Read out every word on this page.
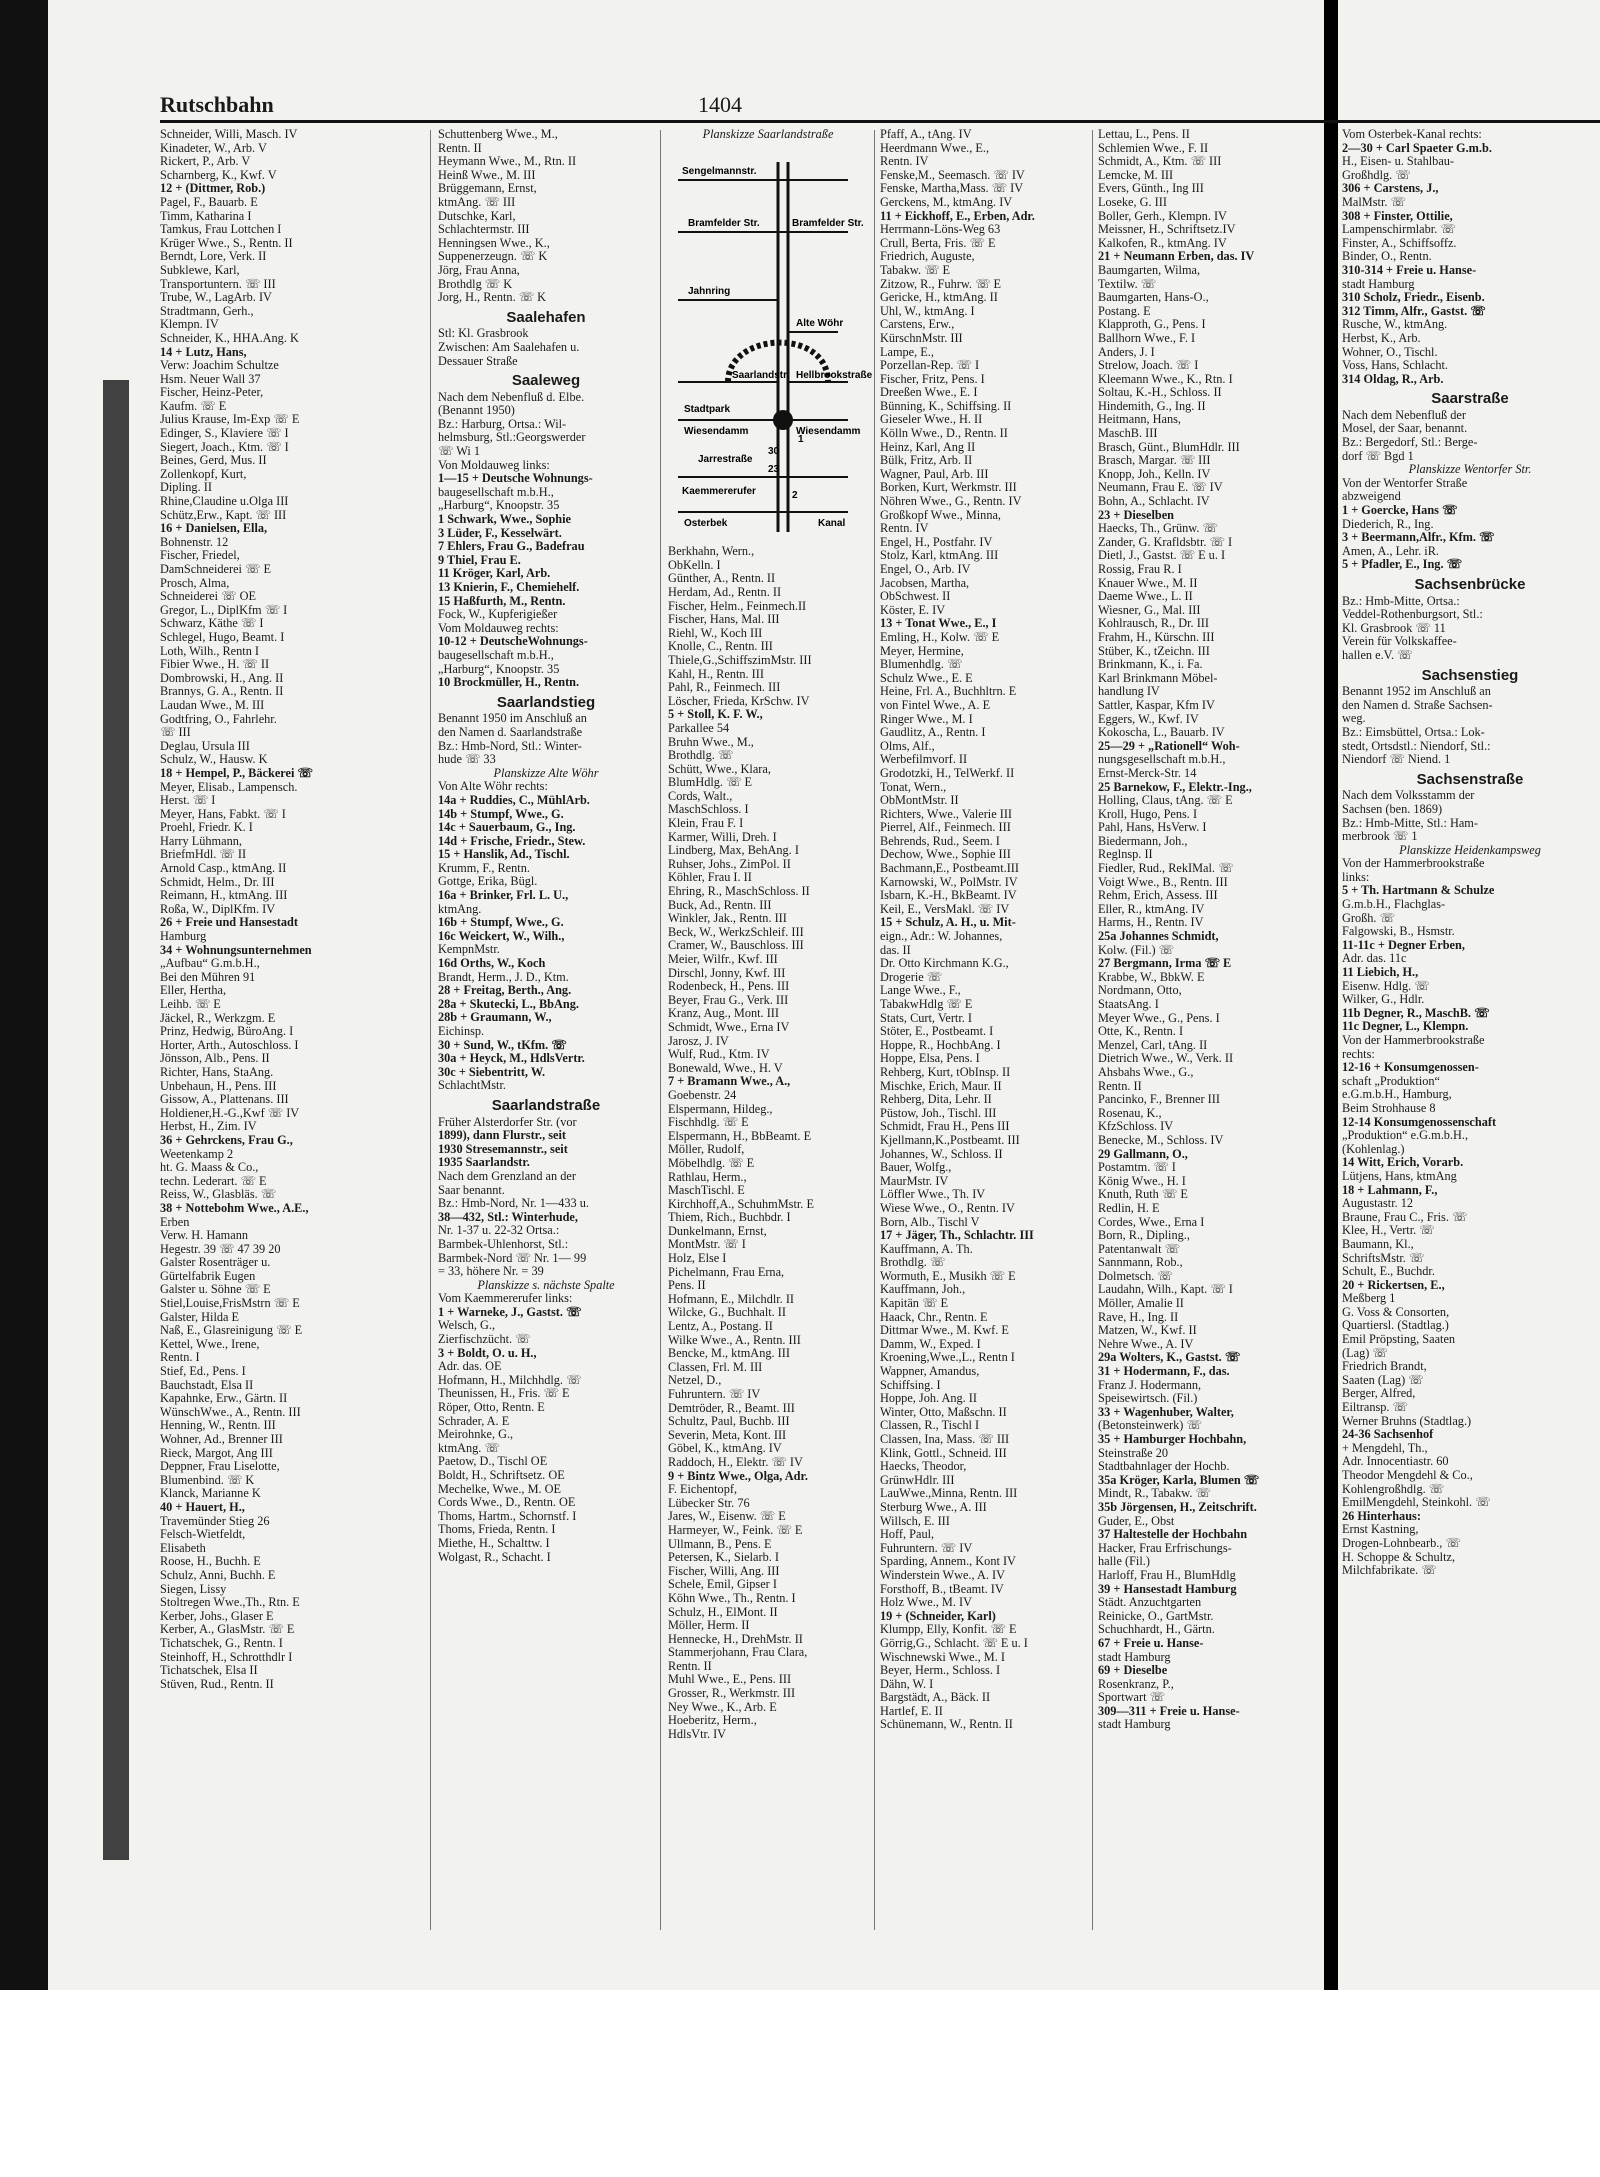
Rutschbahn	1404
Schneider, Willi, Masch. IV
Kinadeter, W., Arb. V
Rickert, P., Arb. V
Scharnberg, K., Kwf. V
12 + (Dittmer, Rob.)
Pagel, F., Bauarb. E
Timm, Katharina I
Tamkus, Frau Lottchen I
Krüger Wwe., S., Rentn. II
Berndt, Lore, Verk. II
Subklewe, Karl,
Transportuntern. ☏ III
Trube, W., LagArb. IV
Stradtmann, Gerh.,
Klempn. IV
Schneider, K., HHA.Ang. K
14 + Lutz, Hans,
Verw: Joachim Schultze
Hsm. Neuer Wall 37
Fischer, Heinz-Peter,
Kaufm. ☏ E
Julius Krause, Im-Exp ☏ E
Edinger, S., Klaviere ☏ I
Siegert, Joach., Ktm. ☏ I
Beines, Gerd, Mus. II
Zollenkopf, Kurt,
Dipling. II
Rhine,Claudine u.Olga III
Schütz,Erw., Kapt. ☏ III
16 + Danielsen, Ella,
Bohnenstr. 12
Fischer, Friedel,
DamSchneiderei ☏ E
Prosch, Alma,
Schneiderei ☏ OE
Gregor, L., DiplKfm ☏ I
Schwarz, Käthe ☏ I
Schlegel, Hugo, Beamt. I
Loth, Wilh., Rentn I
Fibier Wwe., H. ☏ II
Dombrowski, H., Ang. II
Brannys, G. A., Rentn. II
Laudan Wwe., M. III
Godtfring, O., Fahrlehr.
☏ III
Deglau, Ursula III
Schulz, W., Hausw. K
18 + Hempel, P., Bäckerei ☏
Meyer, Elisab., Lampensch.
Herst. ☏ I
Meyer, Hans, Fabkt. ☏ I
Proehl, Friedr. K. I
Harry Lühmann,
BriefmHdl. ☏ II
Arnold Casp., ktmAng. II
Schmidt, Helm., Dr. III
Reimann, H., ktmAng. III
Roßa, W., DiplKfm. IV
26 + Freie und Hansestadt
Hamburg
34 + Wohnungsunternehmen
„Aufbau“ G.m.b.H.,
Bei den Mühren 91
Eller, Hertha,
Leihb. ☏ E
Jäckel, R., Werkzgm. E
Prinz, Hedwig, BüroAng. I
Horter, Arth., Autoschloss. I
Jönsson, Alb., Pens. II
Richter, Hans, StaAng.
Unbehaun, H., Pens. III
Gissow, A., Plattenans. III
Holdiener,H.-G.,Kwf ☏ IV
Herbst, H., Zim. IV
36 + Gehrckens, Frau G.,
Weetenkamp 2
ht. G. Maass & Co.,
techn. Lederart. ☏ E
Reiss, W., Glasbläs. ☏
38 + Nottebohm Wwe., A.E.,
Erben
Verw. H. Hamann
Hegestr. 39 ☏ 47 39 20
Galster Rosenträger u.
Gürtelfabrik Eugen
Galster u. Söhne ☏ E
Stiel,Louise,FrisMstrn ☏ E
Galster, Hilda E
Naß, E., Glasreinigung ☏ E
Kettel, Wwe., Irene,
Rentn. I
Stief, Ed., Pens. I
Bauchstadt, Elsa II
Kapahnke, Erw., Gärtn. II
WünschWwe., A., Rentn. III
Henning, W., Rentn. III
Wohner, Ad., Brenner III
Rieck, Margot, Ang III
Deppner, Frau Liselotte,
Blumenbind. ☏ K
Klanck, Marianne K
40 + Hauert, H.,
Travemünder Stieg 26
Felsch-Wietfeldt,
Elisabeth
Roose, H., Buchh. E
Schulz, Anni, Buchh. E
Siegen, Lissy
Stoltregen Wwe.,Th., Rtn. E
Kerber, Johs., Glaser E
Kerber, A., GlasMstr. ☏ E
Tichatschek, G., Rentn. I
Steinhoff, H., Schrotthdlr I
Tichatschek, Elsa II
Stüven, Rud., Rentn. II
Schuttenberg Wwe., M.,
Rentn. II
Heymann Wwe., M., Rtn. II
Heinß Wwe., M. III
Brüggemann, Ernst,
ktmAng. ☏ III
Dutschke, Karl,
Schlachtermstr. III
Henningsen Wwe., K.,
Suppenerzeugn. ☏ K
Jörg, Frau Anna,
Brothdlg ☏ K
Jorg, H., Rentn. ☏ K
Saalehafen
Stl: Kl. Grasbrook
Zwischen: Am Saalehafen u.
Dessauer Straße
Saaleweg
Nach dem Nebenfluß d. Elbe.
(Benannt 1950)
Bz.: Harburg, Ortsa.: Wil-
helmsburg, Stl.:Georgswerder
☏ Wi 1
Von Moldauweg links:
1—15 + Deutsche Wohnungs-
baugesellschaft m.b.H.,
„Harburg“, Knoopstr. 35
1 Schwark, Wwe., Sophie
3 Lüder, F., Kesselwärt.
7 Ehlers, Frau G., Badefrau
9 Thiel, Frau E.
11 Kröger, Karl, Arb.
13 Knierin, F., Chemiehelf.
15 Haßfurth, M., Rentn.
Fock, W., Kupferigießer
Vom Moldauweg rechts:
10-12 + DeutscheWohnungs-
baugesellschaft m.b.H.,
„Harburg“, Knoopstr. 35
10 Brockmüller, H., Rentn.
Saarlandstieg
Benannt 1950 im Anschluß an
den Namen d. Saarlandstraße
Bz.: Hmb-Nord, Stl.: Winter-
hude ☏ 33
Planskizze Alte Wöhr
Von Alte Wöhr rechts:
14a + Ruddies, C., MühlArb.
14b + Stumpf, Wwe., G.
14c + Sauerbaum, G., Ing.
14d + Frische, Friedr., Stew.
15 + Hanslik, Ad., Tischl.
Krumm, F., Rentn.
Gottge, Erika, Bügl.
16a + Brinker, Frl. L. U.,
ktmAng.
16b + Stumpf, Wwe., G.
16c Weickert, W., Wilh.,
KempnMstr.
16d Orths, W., Koch
Brandt, Herm., J. D., Ktm.
28 + Freitag, Berth., Ang.
28a + Skutecki, L., BbAng.
28b + Graumann, W.,
Eichinsp.
30 + Sund, W., tKfm. ☏
30a + Heyck, M., HdlsVertr.
30c + Siebentritt, W.
SchlachtMstr.
Saarlandstraße
Früher Alsterdorfer Str. (vor
1899), dann Flurstr., seit
1930 Stresemannstr., seit
1935 Saarlandstr.
Nach dem Grenzland an der
Saar benannt.
Bz.: Hmb-Nord, Nr. 1—433 u.
38—432, Stl.: Winterhude,
Nr. 1-37 u. 22-32 Ortsa.:
Barmbek-Uhlenhorst, Stl.:
Barmbek-Nord ☏ Nr. 1— 99
= 33, höhere Nr. = 39
Planskizze s. nächste Spalte
Vom Kaemmererufer links:
1 + Warneke, J., Gastst. ☏
Welsch, G.,
Zierfischzücht. ☏
3 + Boldt, O. u. H.,
Adr. das. OE
Hofmann, H., Milchhdlg. ☏
Theunissen, H., Fris. ☏ E
Röper, Otto, Rentn. E
Schrader, A. E
Meirohnke, G.,
ktmAng. ☏
Paetow, D., Tischl OE
Boldt, H., Schriftsetz. OE
Mechelke, Wwe., M. OE
Cords Wwe., D., Rentn. OE
Thoms, Hartm., Schornstf. I
Thoms, Frieda, Rentn. I
Miethe, H., Schalttw. I
Wolgast, R., Schacht. I
Planskizze Saarlandstraße
Sengelmannstr.
Bramfelder Str.	Bramfelder Str.
Jahnring
Alte Wöhr
Saarlandstr. Hellbrookstraße
Stadtpark
Wiesendamm	Wiesendamm
Jarrestraße
Kaemmererufer
Osterbek	Kanal
1
23
30
2
Berkhahn, Wern.,
ObKelln. I
Günther, A., Rentn. II
Herdam, Ad., Rentn. II
Fischer, Helm., Feinmech.II
Fischer, Hans, Mal. III
Riehl, W., Koch III
Knolle, C., Rentn. III
Thiele,G.,SchiffszimMstr. III
Kahl, H., Rentn. III
Pahl, R., Feinmech. III
Löscher, Frieda, KrSchw. IV
5 + Stoll, K. F. W.,
Parkallee 54
Bruhn Wwe., M.,
Brothdlg. ☏
Schütt, Wwe., Klara,
BlumHdlg. ☏ E
Cords, Walt.,
MaschSchloss. I
Klein, Frau F. I
Karmer, Willi, Dreh. I
Lindberg, Max, BehAng. I
Ruhser, Johs., ZimPol. II
Köhler, Frau I. II
Ehring, R., MaschSchloss. II
Buck, Ad., Rentn. III
Winkler, Jak., Rentn. III
Beck, W., WerkzSchleif. III
Cramer, W., Bauschloss. III
Meier, Wilfr., Kwf. III
Dirschl, Jonny, Kwf. III
Rodenbeck, H., Pens. III
Beyer, Frau G., Verk. III
Kranz, Aug., Mont. III
Schmidt, Wwe., Erna IV
Jarosz, J. IV
Wulf, Rud., Ktm. IV
Bonewald, Wwe., H. V
7 + Bramann Wwe., A.,
Goebenstr. 24
Elspermann, Hildeg.,
Fischhdlg. ☏ E
Elspermann, H., BbBeamt. E
Möller, Rudolf,
Möbelhdlg. ☏ E
Rathlau, Herm.,
MaschTischl. E
Kirchhoff,A., SchuhmMstr. E
Thiem, Rich., Buchbdr. I
Dunkelmann, Ernst,
MontMstr. ☏ I
Holz, Else I
Pichelmann, Frau Erna,
Pens. II
Hofmann, E., Milchdlr. II
Wilcke, G., Buchhalt. II
Lentz, A., Postang. II
Wilke Wwe., A., Rentn. III
Bencke, M., ktmAng. III
Classen, Frl. M. III
Netzel, D.,
Fuhruntern. ☏ IV
Demtröder, R., Beamt. III
Schultz, Paul, Buchb. III
Severin, Meta, Kont. III
Göbel, K., ktmAng. IV
Raddoch, H., Elektr. ☏ IV
9 + Bintz Wwe., Olga, Adr.
F. Eichentopf,
Lübecker Str. 76
Jares, W., Eisenw. ☏ E
Harmeyer, W., Feink. ☏ E
Ullmann, B., Pens. E
Petersen, K., Sielarb. I
Fischer, Willi, Ang. III
Schele, Emil, Gipser I
Köhn Wwe., Th., Rentn. I
Schulz, H., ElMont. II
Möller, Herm. II
Hennecke, H., DrehMstr. II
Stammerjohann, Frau Clara,
Rentn. II
Muhl Wwe., E., Pens. III
Grosser, R., Werkmstr. III
Ney Wwe., K., Arb. E
Hoeberitz, Herm.,
HdlsVtr. IV
Pfaff, A., tAng. IV
Heerdmann Wwe., E.,
Rentn. IV
Fenske,M., Seemasch. ☏ IV
Fenske, Martha,Mass. ☏ IV
Gerckens, M., ktmAng. IV
11 + Eickhoff, E., Erben, Adr.
Herrmann-Löns-Weg 63
Crull, Berta, Fris. ☏ E
Friedrich, Auguste,
Tabakw. ☏ E
Zitzow, R., Fuhrw. ☏ E
Gericke, H., ktmAng. II
Uhl, W., ktmAng. I
Carstens, Erw.,
KürschnMstr. III
Lampe, E.,
Porzellan-Rep. ☏ I
Fischer, Fritz, Pens. I
Dreeßen Wwe., E. I
Bünning, K., Schiffsing. II
Gieseler Wwe., H. II
Kölln Wwe., D., Rentn. II
Heinz, Karl, Ang II
Bülk, Fritz, Arb. II
Wagner, Paul, Arb. III
Borken, Kurt, Werkmstr. III
Nöhren Wwe., G., Rentn. IV
Großkopf Wwe., Minna,
Rentn. IV
Engel, H., Postfahr. IV
Stolz, Karl, ktmAng. III
Engel, O., Arb. IV
Jacobsen, Martha,
ObSchwest. II
Köster, E. IV
13 + Tonat Wwe., E., I
Emling, H., Kolw. ☏ E
Meyer, Hermine,
Blumenhdlg. ☏
Schulz Wwe., E. E
Heine, Frl. A., Buchhltrn. E
von Fintel Wwe., A. E
Ringer Wwe., M. I
Gaudlitz, A., Rentn. I
Olms, Alf.,
Werbefilmvorf. II
Grodotzki, H., TelWerkf. II
Tonat, Wern.,
ObMontMstr. II
Richters, Wwe., Valerie III
Pierrel, Alf., Feinmech. III
Behrends, Rud., Seem. I
Dechow, Wwe., Sophie III
Bachmann,E., Postbeamt.III
Karnowski, W., PolMstr. IV
Isbarn, K.-H., BkBeamt. IV
Keil, E., VersMakl. ☏ IV
15 + Schulz, A. H., u. Mit-
eign., Adr.: W. Johannes,
das. II
Dr. Otto Kirchmann K.G.,
Drogerie ☏
Lange Wwe., F.,
TabakwHdlg ☏ E
Stats, Curt, Vertr. I
Stöter, E., Postbeamt. I
Hoppe, R., HochbAng. I
Hoppe, Elsa, Pens. I
Rehberg, Kurt, tObInsp. II
Mischke, Erich, Maur. II
Rehberg, Dita, Lehr. II
Püstow, Joh., Tischl. III
Schmidt, Frau H., Pens III
Kjellmann,K.,Postbeamt. III
Johannes, W., Schloss. II
Bauer, Wolfg.,
MaurMstr. IV
Löffler Wwe., Th. IV
Wiese Wwe., O., Rentn. IV
Born, Alb., Tischl V
17 + Jäger, Th., Schlachtr. III
Kauffmann, A. Th.
Brothdlg. ☏
Wormuth, E., Musikh ☏ E
Kauffmann, Joh.,
Kapitän ☏ E
Haack, Chr., Rentn. E
Dittmar Wwe., M. Kwf. E
Damm, W., Exped. I
Kroening,Wwe.,L., Rentn I
Wappner, Amandus,
Schiffsing. I
Hoppe, Joh. Ang. II
Winter, Otto, Maßschn. II
Classen, R., Tischl I
Classen, Ina, Mass. ☏ III
Klink, Gottl., Schneid. III
Haecks, Theodor,
GrünwHdlr. III
LauWwe.,Minna, Rentn. III
Sterburg Wwe., A. III
Willsch, E. III
Hoff, Paul,
Fuhruntern. ☏ IV
Sparding, Annem., Kont IV
Winderstein Wwe., A. IV
Forsthoff, B., tBeamt. IV
Holz Wwe., M. IV
19 + (Schneider, Karl)
Klumpp, Elly, Konfit. ☏ E
Görrig,G., Schlacht. ☏ E u. I
Wischnewski Wwe., M. I
Beyer, Herm., Schloss. I
Dähn, W. I
Bargstädt, A., Bäck. II
Hartlef, E. II
Schünemann, W., Rentn. II
Lettau, L., Pens. II
Schlemien Wwe., F. II
Schmidt, A., Ktm. ☏ III
Lemcke, M. III
Evers, Günth., Ing III
Loseke, G. III
Boller, Gerh., Klempn. IV
Meissner, H., Schriftsetz.IV
Kalkofen, R., ktmAng. IV
21 + Neumann Erben, das. IV
Baumgarten, Wilma,
Textilw. ☏
Baumgarten, Hans-O.,
Postang. E
Klapproth, G., Pens. I
Ballhorn Wwe., F. I
Anders, J. I
Strelow, Joach. ☏ I
Kleemann Wwe., K., Rtn. I
Soltau, K.-H., Schloss. II
Hindemith, G., Ing. II
Heitmann, Hans,
MaschB. III
Brasch, Günt., BlumHdlr. III
Brasch, Margar. ☏ III
Knopp, Joh., Kelln. IV
Neumann, Frau E. ☏ IV
Bohn, A., Schlacht. IV
23 + Dieselben
Haecks, Th., Grünw. ☏
Zander, G. Krafldsbtr. ☏ I
Dietl, J., Gastst. ☏ E u. I
Rossig, Frau R. I
Knauer Wwe., M. II
Daeme Wwe., L. II
Wiesner, G., Mal. III
Kohlrausch, R., Dr. III
Frahm, H., Kürschn. III
Stüber, K., tZeichn. III
Brinkmann, K., i. Fa.
Karl Brinkmann Möbel-
handlung IV
Sattler, Kaspar, Kfm IV
Eggers, W., Kwf. IV
Kokoscha, L., Bauarb. IV
25—29 + „Rationell“ Woh-
nungsgesellschaft m.b.H.,
Ernst-Merck-Str. 14
25 Barnekow, F., Elektr.-Ing.,
Holling, Claus, tAng. ☏ E
Kroll, Hugo, Pens. I
Pahl, Hans, HsVerw. I
Biedermann, Joh.,
Reglnsp. II
Fiedler, Rud., RekIMal. ☏
Voigt Wwe., B., Rentn. III
Rehm, Erich, Assess. III
Eller, R., ktmAng. IV
Harms, H., Rentn. IV
25a Johannes Schmidt,
Kolw. (Fil.) ☏
27 Bergmann, Irma ☏ E
Krabbe, W., BbkW. E
Nordmann, Otto,
StaatsAng. I
Meyer Wwe., G., Pens. I
Otte, K., Rentn. I
Menzel, Carl, tAng. II
Dietrich Wwe., W., Verk. II
Ahsbahs Wwe., G.,
Rentn. II
Pancinko, F., Brenner III
Rosenau, K.,
KfzSchloss. IV
Benecke, M., Schloss. IV
29 Gallmann, O.,
Postamtm. ☏ I
König Wwe., H. I
Knuth, Ruth ☏ E
Redlin, H. E
Cordes, Wwe., Erna I
Born, R., Dipling.,
Patentanwalt ☏
Sannmann, Rob.,
Dolmetsch. ☏
Laudahn, Wilh., Kapt. ☏ I
Möller, Amalie II
Rave, H., Ing. II
Matzen, W., Kwf. II
Nehre Wwe., A. IV
29a Wolters, K., Gastst. ☏
31 + Hodermann, F., das.
Franz J. Hodermann,
Speisewirtsch. (Fil.)
33 + Wagenhuber, Walter,
(Betonsteinwerk) ☏
35 + Hamburger Hochbahn,
Steinstraße 20
Stadtbahnlager der Hochb.
35a Kröger, Karla, Blumen ☏
Mindt, R., Tabakw. ☏
35b Jörgensen, H., Zeitschrift.
Guder, E., Obst
37 Haltestelle der Hochbahn
Hacker, Frau Erfrischungs-
halle (Fil.)
Harloff, Frau H., BlumHdlg
39 + Hansestadt Hamburg
Städt. Anzuchtgarten
Reinicke, O., GartMstr.
Schuchhardt, H., Gärtn.
67 + Freie u. Hanse-
stadt Hamburg
69 + Dieselbe
Rosenkranz, P.,
Sportwart ☏
309—311 + Freie u. Hanse-
stadt Hamburg
Vom Osterbek-Kanal rechts:
2—30 + Carl Spaeter G.m.b.
H., Eisen- u. Stahlbau-
Großhdlg. ☏
306 + Carstens, J.,
MalMstr. ☏
308 + Finster, Ottilie,
Lampenschirmlabr. ☏
Finster, A., Schiffsoffz.
Binder, O., Rentn.
310-314 + Freie u. Hanse-
stadt Hamburg
310 Scholz, Friedr., Eisenb.
312 Timm, Alfr., Gastst. ☏
Rusche, W., ktmAng.
Herbst, K., Arb.
Wohner, O., Tischl.
Voss, Hans, Schlacht.
314 Oldag, R., Arb.
Saarstraße
Nach dem Nebenfluß der
Mosel, der Saar, benannt.
Bz.: Bergedorf, Stl.: Berge-
dorf ☏ Bgd 1
Planskizze Wentorfer Str.
Von der Wentorfer Straße
abzweigend
1 + Goercke, Hans ☏
Diederich, R., Ing.
3 + Beermann,Alfr., Kfm. ☏
Amen, A., Lehr. iR.
5 + Pfadler, E., Ing. ☏
Sachsenbrücke
Bz.: Hmb-Mitte, Ortsa.:
Veddel-Rothenburgsort, Stl.:
Kl. Grasbrook ☏ 11
Verein für Volkskaffee-
hallen e.V. ☏
Sachsenstieg
Benannt 1952 im Anschluß an
den Namen d. Straße Sachsen-
weg.
Bz.: Eimsbüttel, Ortsa.: Lok-
stedt, Ortsdstl.: Niendorf, Stl.:
Niendorf ☏ Niend. 1
Sachsenstraße
Nach dem Volksstamm der
Sachsen (ben. 1869)
Bz.: Hmb-Mitte, Stl.: Ham-
merbrook ☏ 1
Planskizze Heidenkampsweg
Von der Hammerbrookstraße
links:
5 + Th. Hartmann & Schulze
G.m.b.H., Flachglas-
Großh. ☏
Falgowski, B., Hsmstr.
11-11c + Degner Erben,
Adr. das. 11c
11 Liebich, H.,
Eisenw. Hdlg. ☏
Wilker, G., Hdlr.
11b Degner, R., MaschB. ☏
11c Degner, L., Klempn.
Von der Hammerbrookstraße
rechts:
12-16 + Konsumgenossen-
schaft „Produktion“
e.G.m.b.H., Hamburg,
Beim Strohhause 8
12-14 Konsumgenossenschaft
„Produktion“ e.G.m.b.H.,
(Kohlenlag.)
14 Witt, Erich, Vorarb.
Lütjens, Hans, ktmAng
18 + Lahmann, F.,
Augustastr. 12
Braune, Frau C., Fris. ☏
Klee, H., Vertr. ☏
Baumann, Kl.,
SchriftsMstr. ☏
Schult, E., Buchdr.
20 + Rickertsen, E.,
Meßberg 1
G. Voss & Consorten,
Quartiersl. (Stadtlag.)
Emil Pröpsting, Saaten
(Lag) ☏
Friedrich Brandt,
Saaten (Lag) ☏
Berger, Alfred,
Eiltransp. ☏
Werner Bruhns (Stadtlag.)
24-36 Sachsenhof
+ Mengdehl, Th.,
Adr. Innocentiastr. 60
Theodor Mengdehl & Co.,
Kohlengroßhdlg. ☏
EmilMengdehl, Steinkohl. ☏
26 Hinterhaus:
Ernst Kastning,
Drogen-Lohnbearb., ☏
H. Schoppe & Schultz,
Milchfabrikate. ☏
